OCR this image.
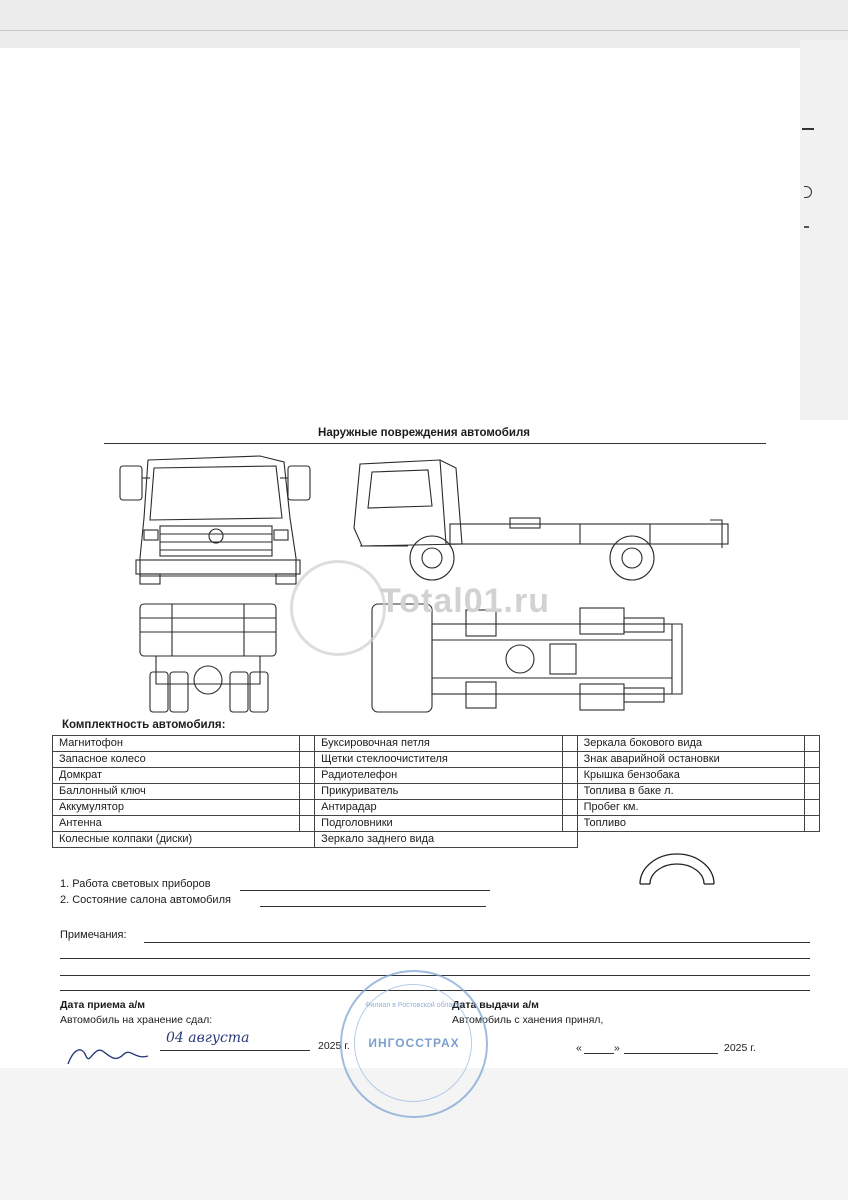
Наружные повреждения автомобиля
Total01.ru
Комплектность автомобиля:
Магнитофон		Буксировочная петля		Зеркала бокового вида	
Запасное колесо		Щетки стеклоочистителя		Знак аварийной остановки	
Домкрат		Радиотелефон		Крышка бензобака	
Баллонный ключ		Прикуриватель		Топлива в баке л.	
Аккумулятор		Антирадар		Пробег км.	
Антенна		Подголовники		Топливо	
Колесные колпаки (диски)		Зеркало заднего вида			
1. Работа световых приборов
2. Состояние салона автомобиля
Примечания:
Дата приема а/м
Автомобиль на хранение сдал:
04 августа	2025 г.
Дата выдачи а/м
Автомобиль с ханения принял,
«	»	2025 г.
Филиал в Ростовской области
ИНГОССТРАХ
